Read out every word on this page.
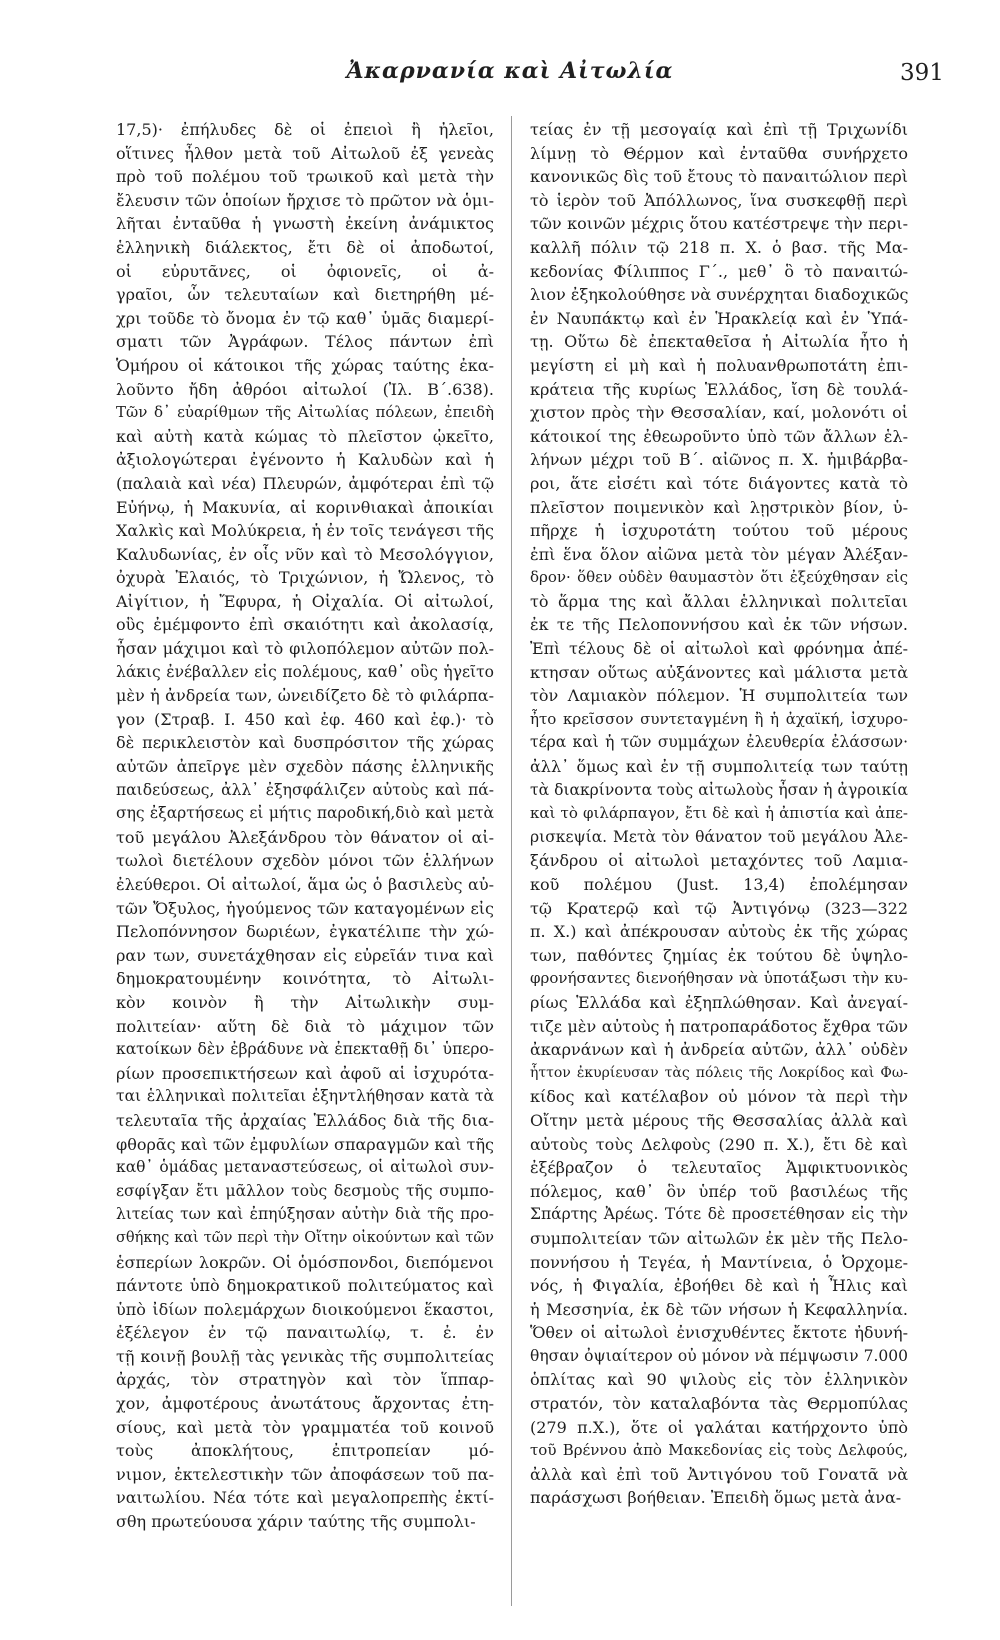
Ἀκαρνανία καὶ Αἰτωλία	391
17,5)· ἐπήλυδες δὲ οἱ ἐπειοὶ ἢ ἠλεῖοι,
οἵτινες ἦλθον μετὰ τοῦ Αἰτωλοῦ ἐξ γενεὰς
πρὸ τοῦ πολέμου τοῦ τρωικοῦ καὶ μετὰ τὴν
ἔλευσιν τῶν ὁποίων ἤρχισε τὸ πρῶτον νὰ ὁμι-
λῆται ἐνταῦθα ἡ γνωστὴ ἐκείνη ἀνάμικτος
ἑλληνικὴ διάλεκτος, ἔτι δὲ οἱ ἀποδωτοί,
οἱ εὐρυτᾶνες, οἱ ὀφιονεῖς, οἱ ἀ-
γραῖοι, ὧν τελευταίων καὶ διετηρήθη μέ-
χρι τοῦδε τὸ ὄνομα ἐν τῷ καθ᾽ ὑμᾶς διαμερί-
σματι τῶν Ἀγράφων. Τέλος πάντων ἐπὶ
Ὁμήρου οἱ κάτοικοι τῆς χώρας ταύτης ἐκα-
λοῦντο ἤδη ἀθρόοι αἰτωλοί (Ἰλ. Β΄.638).
Τῶν δ᾽ εὐαρίθμων τῆς Αἰτωλίας πόλεων, ἐπειδὴ
καὶ αὐτὴ κατὰ κώμας τὸ πλεῖστον ᾠκεῖτο,
ἀξιολογώτεραι ἐγένοντο ἡ Καλυδὼν καὶ ἡ
(παλαιὰ καὶ νέα) Πλευρών, ἀμφότεραι ἐπὶ τῷ
Εὐήνῳ, ἡ Μακυνία, αἱ κορινθιακαὶ ἀποικίαι
Χαλκὶς καὶ Μολύκρεια, ἡ ἐν τοῖς τενάγεσι τῆς
Καλυδωνίας, ἐν οἷς νῦν καὶ τὸ Μεσολόγγιον,
ὀχυρὰ Ἐλαιός, τὸ Τριχώνιον, ἡ Ὤλενος, τὸ
Αἰγίτιον, ἡ Ἔφυρα, ἡ Οἰχαλία. Οἱ αἰτωλοί,
οὓς ἐμέμφοντο ἐπὶ σκαιότητι καὶ ἀκολασίᾳ,
ἦσαν μάχιμοι καὶ τὸ φιλοπόλεμον αὐτῶν πολ-
λάκις ἐνέβαλλεν εἰς πολέμους, καθ᾽ οὓς ἡγεῖτο
μὲν ἡ ἀνδρεία των, ὠνειδίζετο δὲ τὸ φιλάρπα-
γον (Στραβ. Ι. 450 καὶ ἑφ. 460 καὶ ἑφ.)· τὸ
δὲ περικλειστὸν καὶ δυσπρόσιτον τῆς χώρας
αὐτῶν ἀπεῖργε μὲν σχεδὸν πάσης ἑλληνικῆς
παιδεύσεως, ἀλλ᾽ ἐξησφάλιζεν αὐτοὺς καὶ πά-
σης ἐξαρτήσεως εἰ μήτις παροδική,διὸ καὶ μετὰ
τοῦ μεγάλου Ἀλεξάνδρου τὸν θάνατον οἱ αἰ-
τωλοὶ διετέλουν σχεδὸν μόνοι τῶν ἑλλήνων
ἐλεύθεροι. Οἱ αἰτωλοί, ἅμα ὡς ὁ βασιλεὺς αὐ-
τῶν Ὄξυλος, ἡγούμενος τῶν καταγομένων εἰς
Πελοπόννησον δωριέων, ἐγκατέλιπε τὴν χώ-
ραν των, συνετάχθησαν εἰς εὐρεῖάν τινα καὶ
δημοκρατουμένην κοινότητα, τὸ Αἰτωλι-
κὸν κοινὸν ἢ τὴν Αἰτωλικὴν συμ-
πολιτείαν· αὕτη δὲ διὰ τὸ μάχιμον τῶν
κατοίκων δὲν ἐβράδυνε νὰ ἐπεκταθῇ δι᾽ ὑπερο-
ρίων προσεπικτήσεων καὶ ἀφοῦ αἱ ἰσχυρότα-
ται ἑλληνικαὶ πολιτεῖαι ἐξηντλήθησαν κατὰ τὰ
τελευταῖα τῆς ἀρχαίας Ἑλλάδος διὰ τῆς δια-
φθορᾶς καὶ τῶν ἐμφυλίων σπαραγμῶν καὶ τῆς
καθ᾽ ὁμάδας μεταναστεύσεως, οἱ αἰτωλοὶ συν-
εσφίγξαν ἔτι μᾶλλον τοὺς δεσμοὺς τῆς συμπο-
λιτείας των καὶ ἐπηύξησαν αὐτὴν διὰ τῆς προ-
σθήκης καὶ τῶν περὶ τὴν Οἴτην οἰκούντων καὶ τῶν
ἑσπερίων λοκρῶν. Οἱ ὁμόσπονδοι, διεπόμενοι
πάντοτε ὑπὸ δημοκρατικοῦ πολιτεύματος καὶ
ὑπὸ ἰδίων πολεμάρχων διοικούμενοι ἕκαστοι,
ἐξέλεγον ἐν τῷ παναιτωλίῳ, τ. ἐ. ἐν
τῇ κοινῇ βουλῇ τὰς γενικὰς τῆς συμπολιτείας
ἀρχάς, τὸν στρατηγὸν καὶ τὸν ἵππαρ-
χον, ἀμφοτέρους ἀνωτάτους ἄρχοντας ἐτη-
σίους, καὶ μετὰ τὸν γραμματέα τοῦ κοινοῦ
τοὺς ἀποκλήτους, ἐπιτροπείαν μό-
νιμον, ἐκτελεστικὴν τῶν ἀποφάσεων τοῦ πα-
ναιτωλίου. Νέα τότε καὶ μεγαλοπρεπὴς ἐκτί-
σθη πρωτεύουσα χάριν ταύτης τῆς συμπολι-
τείας ἐν τῇ μεσογαίᾳ καὶ ἐπὶ τῇ Τριχωνίδι
λίμνῃ τὸ Θέρμον καὶ ἐνταῦθα συνήρχετο
κανονικῶς δὶς τοῦ ἔτους τὸ παναιτώλιον περὶ
τὸ ἱερὸν τοῦ Ἀπόλλωνος, ἵνα συσκεφθῇ περὶ
τῶν κοινῶν μέχρις ὅτου κατέστρεψε τὴν περι-
καλλῆ πόλιν τῷ 218 π. Χ. ὁ βασ. τῆς Μα-
κεδονίας Φίλιππος Γ΄., μεθ᾽ ὃ τὸ παναιτώ-
λιον ἐξηκολούθησε νὰ συνέρχηται διαδοχικῶς
ἐν Ναυπάκτῳ καὶ ἐν Ἡρακλείᾳ καὶ ἐν Ὑπά-
τῃ. Οὕτω δὲ ἐπεκταθεῖσα ἡ Αἰτωλία ἦτο ἡ
μεγίστη εἰ μὴ καὶ ἡ πολυανθρωποτάτη ἐπι-
κράτεια τῆς κυρίως Ἑλλάδος, ἴση δὲ τουλά-
χιστον πρὸς τὴν Θεσσαλίαν, καί, μολονότι οἱ
κάτοικοί της ἐθεωροῦντο ὑπὸ τῶν ἄλλων ἑλ-
λήνων μέχρι τοῦ Β΄. αἰῶνος π. Χ. ἡμιβάρβα-
ροι, ἅτε εἰσέτι καὶ τότε διάγοντες κατὰ τὸ
πλεῖστον ποιμενικὸν καὶ λῃστρικὸν βίον, ὑ-
πῆρχε ἡ ἰσχυροτάτη τούτου τοῦ μέρους
ἐπὶ ἕνα ὅλον αἰῶνα μετὰ τὸν μέγαν Ἀλέξαν-
δρον· ὅθεν οὐδὲν θαυμαστὸν ὅτι ἐξεύχθησαν εἰς
τὸ ἅρμα της καὶ ἄλλαι ἑλληνικαὶ πολιτεῖαι
ἐκ τε τῆς Πελοποννήσου καὶ ἐκ τῶν νήσων.
Ἐπὶ τέλους δὲ οἱ αἰτωλοὶ καὶ φρόνημα ἀπέ-
κτησαν οὕτως αὐξάνοντες καὶ μάλιστα μετὰ
τὸν Λαμιακὸν πόλεμον. Ἡ συμπολιτεία των
ἦτο κρεῖσσον συντεταγμένη ἢ ἡ ἀχαϊκή, ἰσχυρο-
τέρα καὶ ἡ τῶν συμμάχων ἐλευθερία ἐλάσσων·
ἀλλ᾽ ὅμως καὶ ἐν τῇ συμπολιτείᾳ των ταύτῃ
τὰ διακρίνοντα τοὺς αἰτωλοὺς ἦσαν ἡ ἀγροικία
καὶ τὸ φιλάρπαγον, ἔτι δὲ καὶ ἡ ἀπιστία καὶ ἀπε-
ρισκεψία. Μετὰ τὸν θάνατον τοῦ μεγάλου Ἀλε-
ξάνδρου οἱ αἰτωλοὶ μεταχόντες τοῦ Λαμια-
κοῦ πολέμου (Just. 13,4) ἐπολέμησαν
τῷ Κρατερῷ καὶ τῷ Ἀντιγόνῳ (323—322
π. Χ.) καὶ ἀπέκρουσαν αὐτοὺς ἐκ τῆς χώρας
των, παθόντες ζημίας ἐκ τούτου δὲ ὑψηλο-
φρονήσαντες διενοήθησαν νὰ ὑποτάξωσι τὴν κυ-
ρίως Ἑλλάδα καὶ ἐξηπλώθησαν. Καὶ ἀνεγαί-
τιζε μὲν αὐτοὺς ἡ πατροπαράδοτος ἔχθρα τῶν
ἀκαρνάνων καὶ ἡ ἀνδρεία αὐτῶν, ἀλλ᾽ οὐδὲν
ἧττον ἐκυρίευσαν τὰς πόλεις τῆς Λοκρίδος καὶ Φω-
κίδος καὶ κατέλαβον οὐ μόνον τὰ περὶ τὴν
Οἴτην μετὰ μέρους τῆς Θεσσαλίας ἀλλὰ καὶ
αὐτοὺς τοὺς Δελφοὺς (290 π. Χ.), ἔτι δὲ καὶ
ἐξέβραζον ὁ τελευταῖος Ἀμφικτυονικὸς
πόλεμος, καθ᾽ ὃν ὑπέρ τοῦ βασιλέως τῆς
Σπάρτης Ἀρέως. Τότε δὲ προσετέθησαν εἰς τὴν
συμπολιτείαν τῶν αἰτωλῶν ἐκ μὲν τῆς Πελο-
ποννήσου ἡ Τεγέα, ἡ Μαντίνεια, ὁ Ὀρχομε-
νός, ἡ Φιγαλία, ἐβοήθει δὲ καὶ ἡ Ἦλις καὶ
ἡ Μεσσηνία, ἐκ δὲ τῶν νήσων ἡ Κεφαλληνία.
Ὅθεν οἱ αἰτωλοὶ ἐνισχυθέντες ἔκτοτε ἠδυνή-
θησαν ὀψιαίτερον οὐ μόνον νὰ πέμψωσιν 7.000
ὁπλίτας καὶ 90 ψιλοὺς εἰς τὸν ἑλληνικὸν
στρατόν, τὸν καταλαβόντα τὰς Θερμοπύλας
(279 π.Χ.), ὅτε οἱ γαλάται κατήρχοντο ὑπὸ
τοῦ Βρέννου ἀπὸ Μακεδονίας εἰς τοὺς Δελφούς,
ἀλλὰ καὶ ἐπὶ τοῦ Ἀντιγόνου τοῦ Γονατᾶ νὰ
παράσχωσι βοήθειαν. Ἐπειδὴ ὅμως μετὰ ἀνα-
